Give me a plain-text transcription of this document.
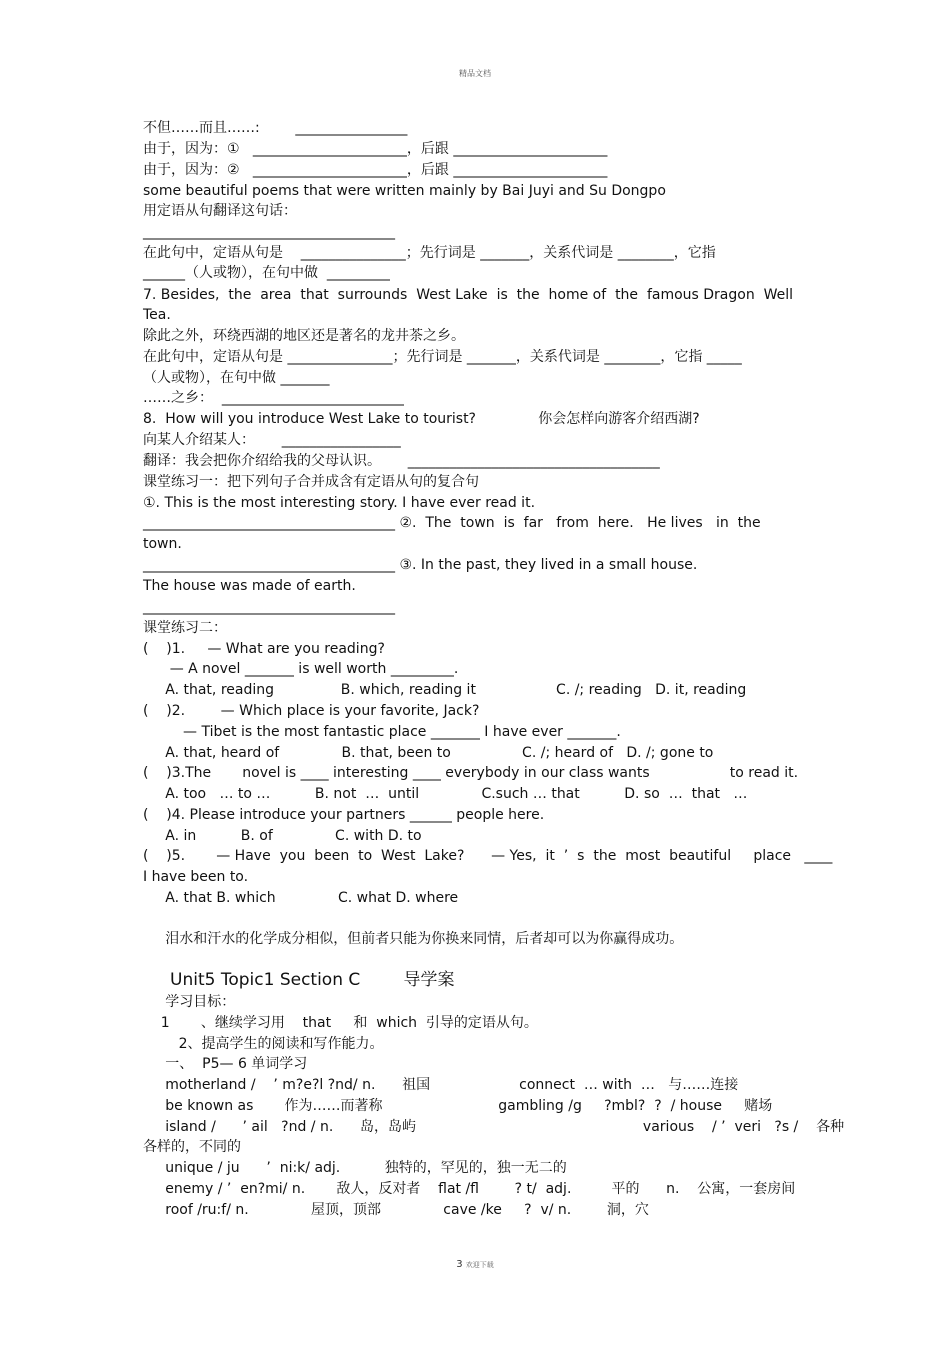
精品文档
不但……而且……:        ________________
由于，因为：①   ______________________，后跟 ______________________
由于，因为：②   ______________________，后跟 ______________________
some beautiful poems that were written mainly by Bai Juyi and Su Dongpo
用定语从句翻译这句话：
____________________________________
在此句中，定语从句是    _______________；先行词是 _______，关系代词是 ________，它指
______（人或物），在句中做  _________
7. Besides,  the  area  that  surrounds  West Lake  is  the  home of  the  famous Dragon  Well
Tea.
除此之外，环绕西湖的地区还是著名的龙井茶之乡。
在此句中，定语从句是 _______________；先行词是 _______，关系代词是 ________，它指 _____
（人或物），在句中做 _______
……之乡：  __________________________
8.  How will you introduce West Lake to tourist?              你会怎样向游客介绍西湖?
向某人介绍某人：      _________________
翻译：我会把你介绍给我的父母认识。      ____________________________________
课堂练习一：把下列句子合并成含有定语从句的复合句
①. This is the most interesting story. I have ever read it.
____________________________________ ②.  The  town  is  far   from  here.   He lives   in  the
town.
____________________________________ ③. In the past, they lived in a small house.
The house was made of earth.
____________________________________
课堂练习二：
(    )1.     — What are you reading?
— A novel _______ is well worth _________.
A. that, reading               B. which, reading it                  C. /; reading   D. it, reading
(    )2.        — Which place is your favorite, Jack?
— Tibet is the most fantastic place _______ I have ever _______.
A. that, heard of              B. that, been to                C. /; heard of   D. /; gone to
(    )3.The       novel is ____ interesting ____ everybody in our class wants                  to read it.
A. too   … to …          B. not  …  until              C.such … that          D. so  …  that   …
(    )4. Please introduce your partners ______ people here.
A. in          B. of              C. with D. to
(    )5.       — Have  you  been  to  West  Lake?      — Yes,  it  ’  s  the  most  beautiful     place   ____
I have been to.
A. that B. which              C. what D. where
泪水和汗水的化学成分相似，但前者只能为你换来同情，后者却可以为你赢得成功。
Unit5 Topic1 Section C        导学案
学习目标：
1       、继续学习用    that     和  which  引导的定语从句。
2、提高学生的阅读和写作能力。
一、  P5— 6 单词学习
motherland /    ’ m?e?l ?nd/ n.      祖国                    connect  … with  …   与……连接
be known as       作为……而著称                          gambling /g     ?mbl?  ?  / house     赌场
island /      ’ ail   ?nd / n.      岛，岛屿                                                   various    / ’  veri   ?s /    各种
各样的，不同的
unique / ju      ’  ni:k/ adj.          独特的，罕见的，独一无二的
enemy / ’  en?mi/ n.       敌人，反对者    flat /fl        ? t/  adj.         平的      n.    公寓，一套房间
roof /ru:f/ n.              屋顶，顶部              cave /ke     ?  v/ n.        洞，穴
3 欢迎下载
